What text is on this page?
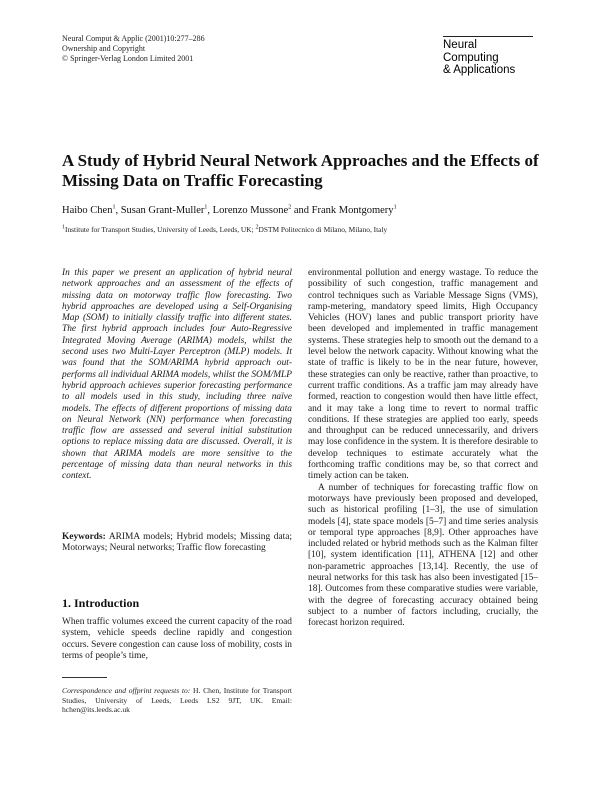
Neural Comput & Applic (2001)10:277–286
Ownership and Copyright
© Springer-Verlag London Limited 2001
Neural
Computing
& Applications
A Study of Hybrid Neural Network Approaches and the Effects of Missing Data on Traffic Forecasting
Haibo Chen$^1$, Susan Grant-Muller$^1$, Lorenzo Mussone$^2$ and Frank Montgomery$^1$
$^1$Institute for Transport Studies, University of Leeds, Leeds, UK; $^2$DSTM Politecnico di Milano, Milano, Italy

In this paper we present an application of hybrid neural network approaches and an assessment of the effects of missing data on motorway traffic flow forecasting. Two hybrid approaches are developed using a Self-Organising Map (SOM) to initially classify traffic into different states. The first hybrid approach includes four Auto-Regressive Integrated Moving Average (ARIMA) models, whilst the second uses two Multi-Layer Perceptron (MLP) models. It was found that the SOM/ARIMA hybrid approach out-performs all individual ARIMA models, whilst the SOM/MLP hybrid approach achieves superior forecasting performance to all models used in this study, including three naïve models. The effects of different proportions of missing data on Neural Network (NN) performance when forecasting traffic flow are assessed and several initial substitution options to replace missing data are discussed. Overall, it is shown that ARIMA models are more sensitive to the percentage of missing data than neural networks in this context.

Keywords: ARIMA models; Hybrid models; Missing data; Motorways; Neural networks; Traffic flow forecasting

1. Introduction

When traffic volumes exceed the current capacity of the road system, vehicle speeds decline rapidly and congestion occurs. Severe congestion can cause loss of mobility, costs in terms of people’s time,

Correspondence and offprint requests to: H. Chen, Institute for Transport Studies, University of Leeds, Leeds LS2 9JT, UK. Email: hchen@its.leeds.ac.uk

environmental pollution and energy wastage. To reduce the possibility of such congestion, traffic management and control techniques such as Variable Message Signs (VMS), ramp-metering, mandatory speed limits, High Occupancy Vehicles (HOV) lanes and public transport priority have been developed and implemented in traffic management systems. These strategies help to smooth out the demand to a level below the network capacity. Without knowing what the state of traffic is likely to be in the near future, however, these strategies can only be reactive, rather than proactive, to current traffic conditions. As a traffic jam may already have formed, reaction to congestion would then have little effect, and it may take a long time to revert to normal traffic conditions. If these strategies are applied too early, speeds and throughput can be reduced unnecessarily, and drivers may lose confidence in the system. It is therefore desirable to develop techniques to estimate accurately what the forthcoming traffic conditions may be, so that correct and timely action can be taken.

A number of techniques for forecasting traffic flow on motorways have previously been proposed and developed, such as historical profiling [1–3], the use of simulation models [4], state space models [5–7] and time series analysis or temporal type approaches [8,9]. Other approaches have included related or hybrid methods such as the Kalman filter [10], system identification [11], ATHENA [12] and other non-parametric approaches [13,14]. Recently, the use of neural networks for this task has also been investigated [15–18]. Outcomes from these comparative studies were variable, with the degree of forecasting accuracy obtained being subject to a number of factors including, crucially, the forecast horizon required.
